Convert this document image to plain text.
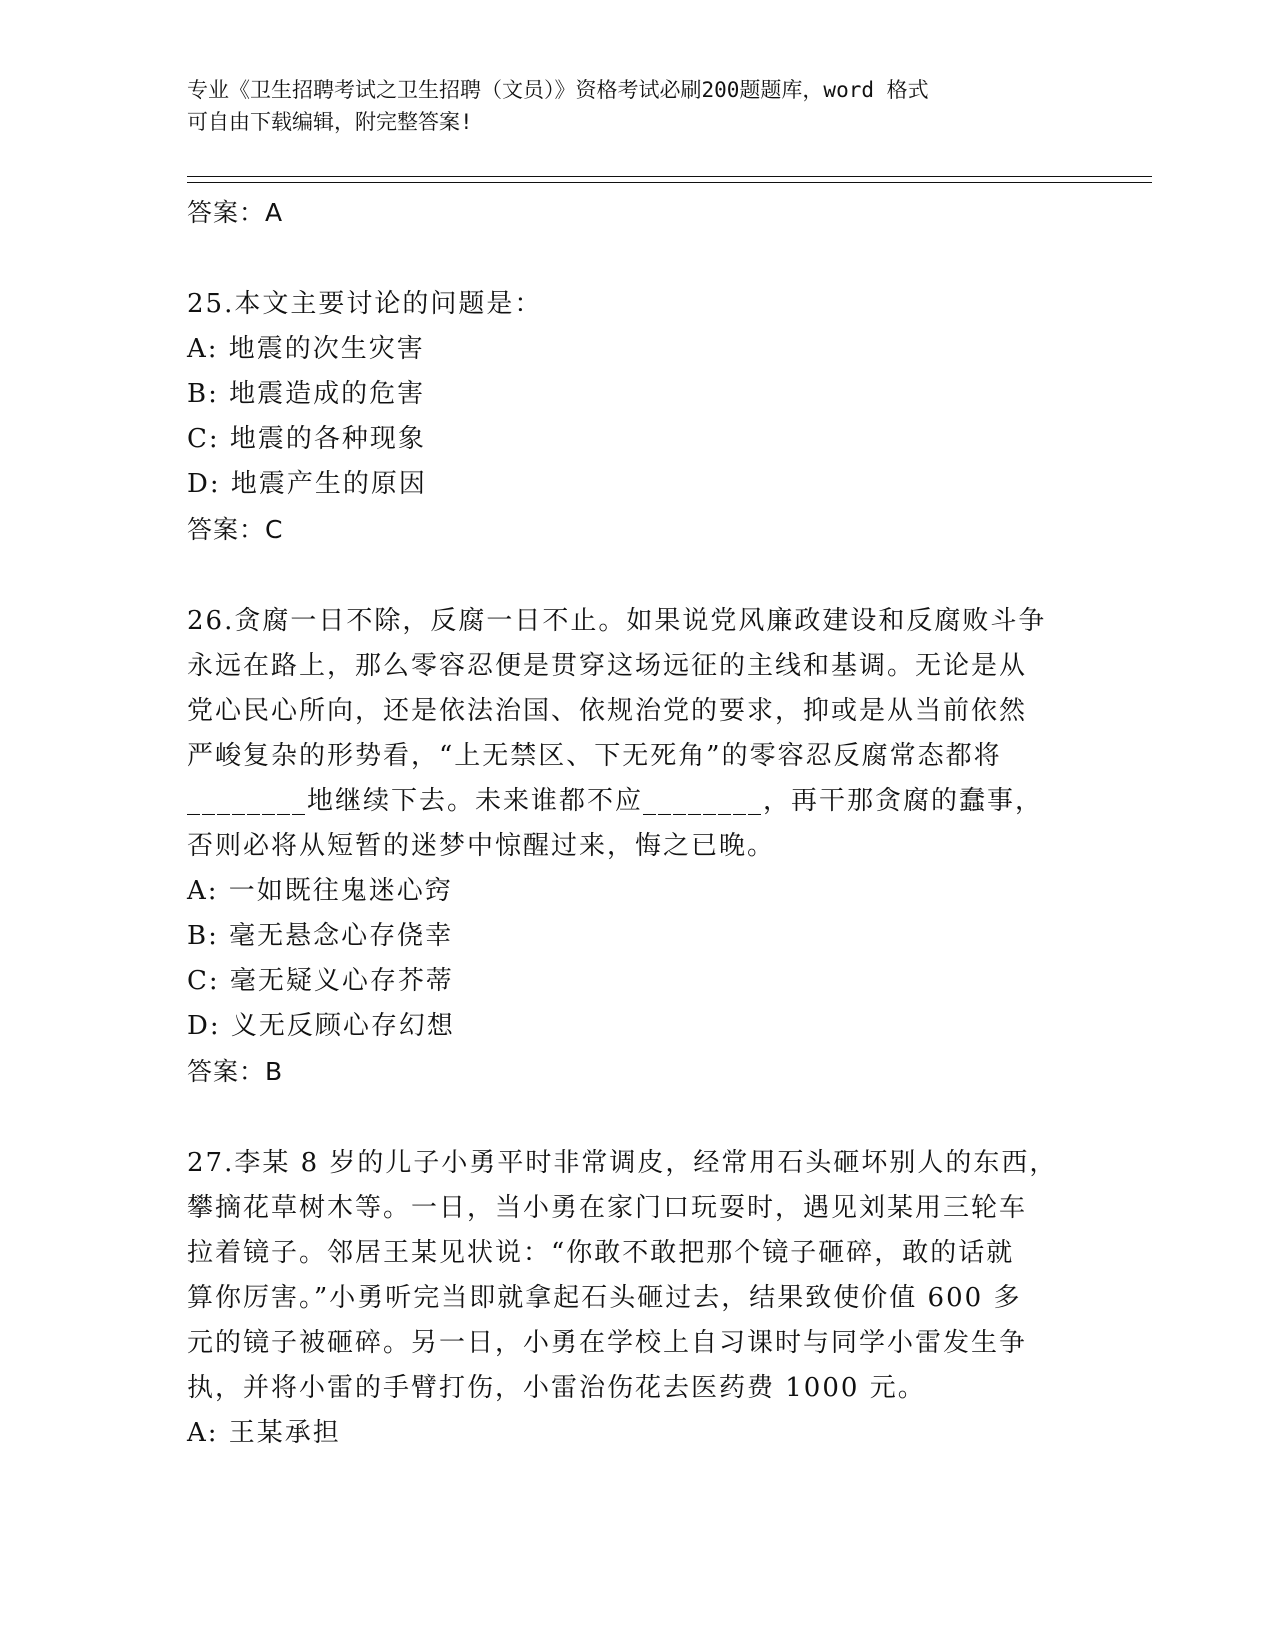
专业《卫生招聘考试之卫生招聘（文员）》资格考试必刷200题题库，word 格式
可自由下载编辑，附完整答案!
答案：A
25.本文主要讨论的问题是：
A: 地震的次生灾害
B: 地震造成的危害
C: 地震的各种现象
D: 地震产生的原因
答案：C
26.贪腐一日不除，反腐一日不止。如果说党风廉政建设和反腐败斗争
永远在路上，那么零容忍便是贯穿这场远征的主线和基调。无论是从
党心民心所向，还是依法治国、依规治党的要求，抑或是从当前依然
严峻复杂的形势看，“上无禁区、下无死角”的零容忍反腐常态都将
________地继续下去。未来谁都不应________，再干那贪腐的蠢事，
否则必将从短暂的迷梦中惊醒过来，悔之已晚。
A: 一如既往鬼迷心窍
B: 毫无悬念心存侥幸
C: 毫无疑义心存芥蒂
D: 义无反顾心存幻想
答案：B
27.李某 8 岁的儿子小勇平时非常调皮，经常用石头砸坏别人的东西，
攀摘花草树木等。一日，当小勇在家门口玩耍时，遇见刘某用三轮车
拉着镜子。邻居王某见状说：“你敢不敢把那个镜子砸碎，敢的话就
算你厉害。”小勇听完当即就拿起石头砸过去，结果致使价值 600 多
元的镜子被砸碎。另一日，小勇在学校上自习课时与同学小雷发生争
执，并将小雷的手臂打伤，小雷治伤花去医药费 1000 元。
A: 王某承担
